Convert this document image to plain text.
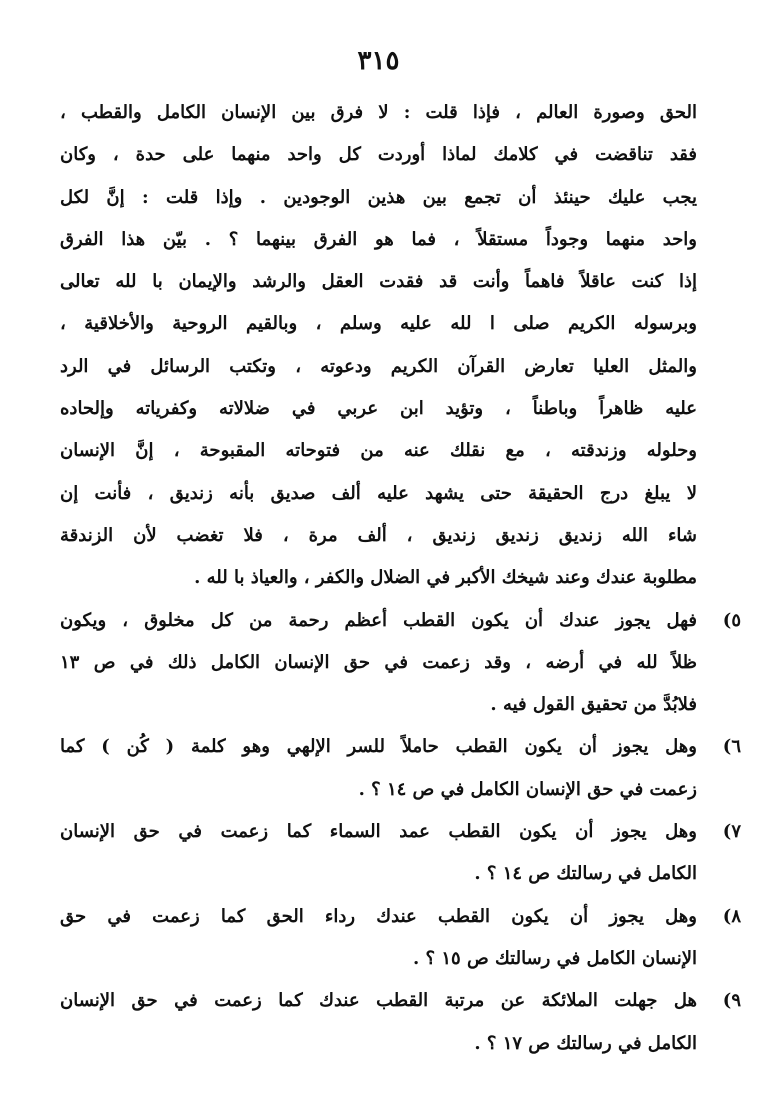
٣١٥
الحق وصورة العالم ، فإذا قلت : لا فرق بين الإنسان الكامل والقطب ،
فقد تناقضت في كلامك لماذا أوردت كل واحد منهما على حدة ، وكان
يجب عليك حينئذ أن تجمع بين هذين الوجودين . وإذا قلت : إنَّ لكل
واحد منهما وجوداً مستقلاً ، فما هو الفرق بينهما ؟ . بيّن هذا الفرق
إذا كنت عاقلاً فاهماً وأنت قد فقدت العقل والرشد والإيمان با لله تعالى
وبرسوله الكريم صلى ا لله عليه وسلم ، وبالقيم الروحية والأخلاقية ،
والمثل العليا تعارض القرآن الكريم ودعوته ، وتكتب الرسائل في الرد
عليه ظاهراً وباطناً ، وتؤيد ابن عربي في ضلالاته وكفرياته وإلحاده
وحلوله وزندقته ، مع نقلك عنه من فتوحاته المقبوحة ، إنَّ الإنسان
لا يبلغ درج الحقيقة حتى يشهد عليه ألف صديق بأنه زنديق ، فأنت إن
شاء الله زنديق زنديق زنديق ، ألف مرة ، فلا تغضب لأن الزندقة
مطلوبة عندك وعند شيخك الأكبر في الضلال والكفر ، والعياذ با لله .
٥)
فهل يجوز عندك أن يكون القطب أعظم رحمة من كل مخلوق ، ويكون
ظلاً لله في أرضه ، وقد زعمت في حق الإنسان الكامل ذلك في ص ١٣
فلابُدَّ من تحقيق القول فيه .
٦)
وهل يجوز أن يكون القطب حاملاً للسر الإلهي وهو كلمة ( كُن ) كما
زعمت في حق الإنسان الكامل في ص ١٤ ؟ .
٧)
وهل يجوز أن يكون القطب عمد السماء كما زعمت في حق الإنسان
الكامل في رسالتك ص ١٤ ؟ .
٨)
وهل يجوز أن يكون القطب عندك رداء الحق كما زعمت في حق
الإنسان الكامل في رسالتك ص ١٥ ؟ .
٩)
هل جهلت الملائكة عن مرتبة القطب عندك كما زعمت في حق الإنسان
الكامل في رسالتك ص ١٧ ؟ .
